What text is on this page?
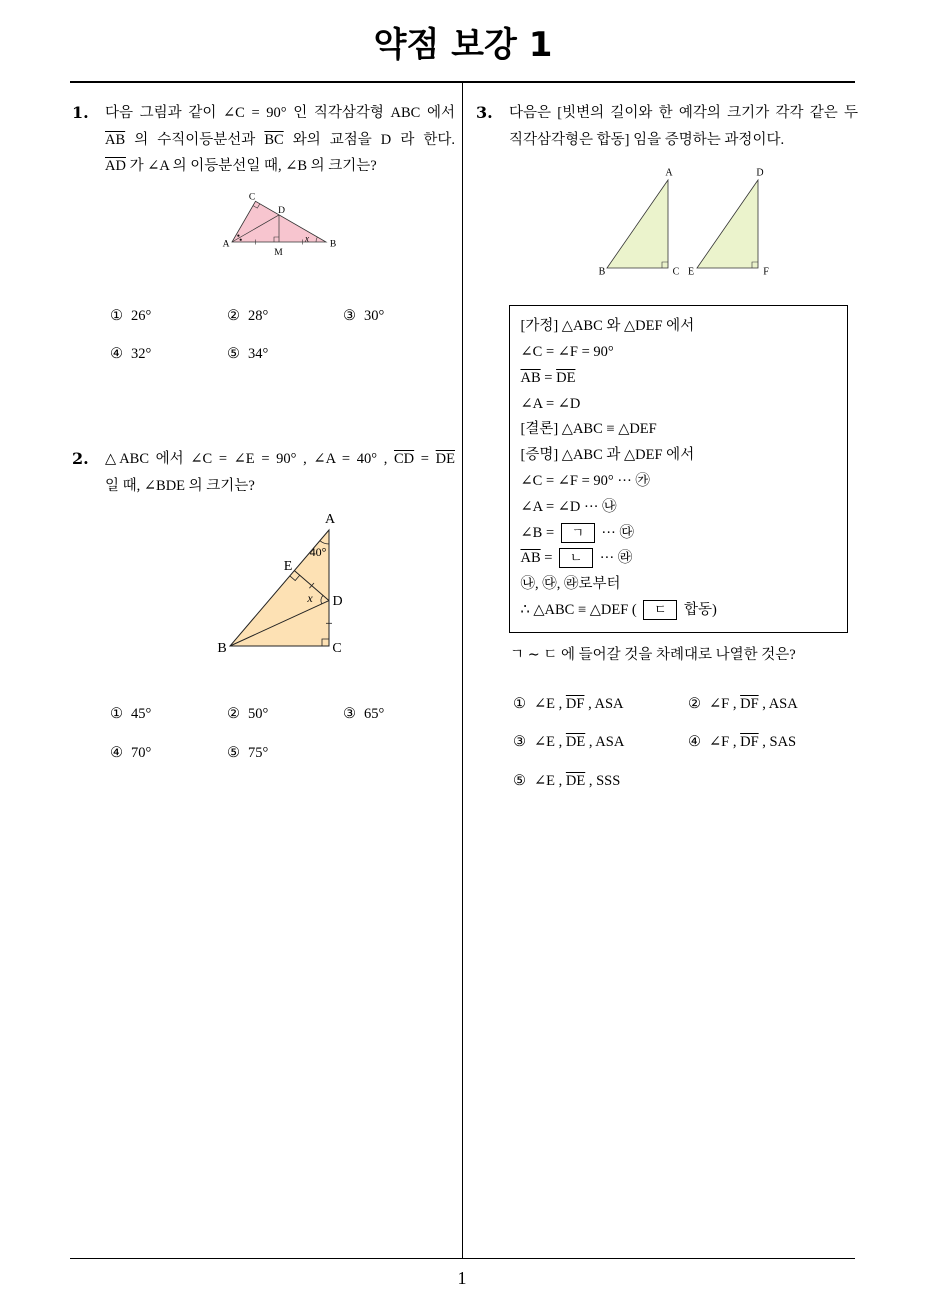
약점 보강 1
1
1. 다음 그림과 같이 ∠C = 90° 인 직각삼각형 ABC 에서
$\overline{AB}$ 의 수직이등분선과 $\overline{BC}$ 와의 교점을 D 라 한다.
$\overline{AD}$ 가 ∠A 의 이등분선일 때, ∠B 의 크기는?
C
D
A	B
M
x
① 26°	② 28°	③ 30°
④ 32°	⑤ 34°
2. △ABC 에서 ∠C = ∠E = 90° , ∠A = 40° , $\overline{CD} = \overline{DE}$
일 때, ∠BDE 의 크기는?
A
B	C
D
E
40°
x
① 45°	② 50°	③ 65°
④ 70°	⑤ 75°
3. 다음은 [빗변의 길이와 한 예각의 크기가 각각 같은 두
직각삼각형은 합동] 임을 증명하는 과정이다.
A
B	C
D
E	F
[가정] △ABC 와 △DEF 에서
∠C = ∠F = 90°
$\overline{AB} = \overline{DE}$
∠A = ∠D
[결론] △ABC ≡ △DEF
[증명] △ABC 과 △DEF 에서
∠C = ∠F = 90° ··· ㉮
∠A = ∠D ··· ㉯
∠B = ㄱ ··· ㉰
$\overline{AB}$ = ㄴ ··· ㉱
㉯, ㉰, ㉱로부터
∴ △ABC ≡ △DEF ( ㄷ 합동)
ㄱ ∼ ㄷ 에 들어갈 것을 차례대로 나열한 것은?
① ∠E , $\overline{DF}$ , ASA	② ∠F , $\overline{DF}$ , ASA
③ ∠E , $\overline{DE}$ , ASA	④ ∠F , $\overline{DF}$ , SAS
⑤ ∠E , $\overline{DE}$ , SSS
